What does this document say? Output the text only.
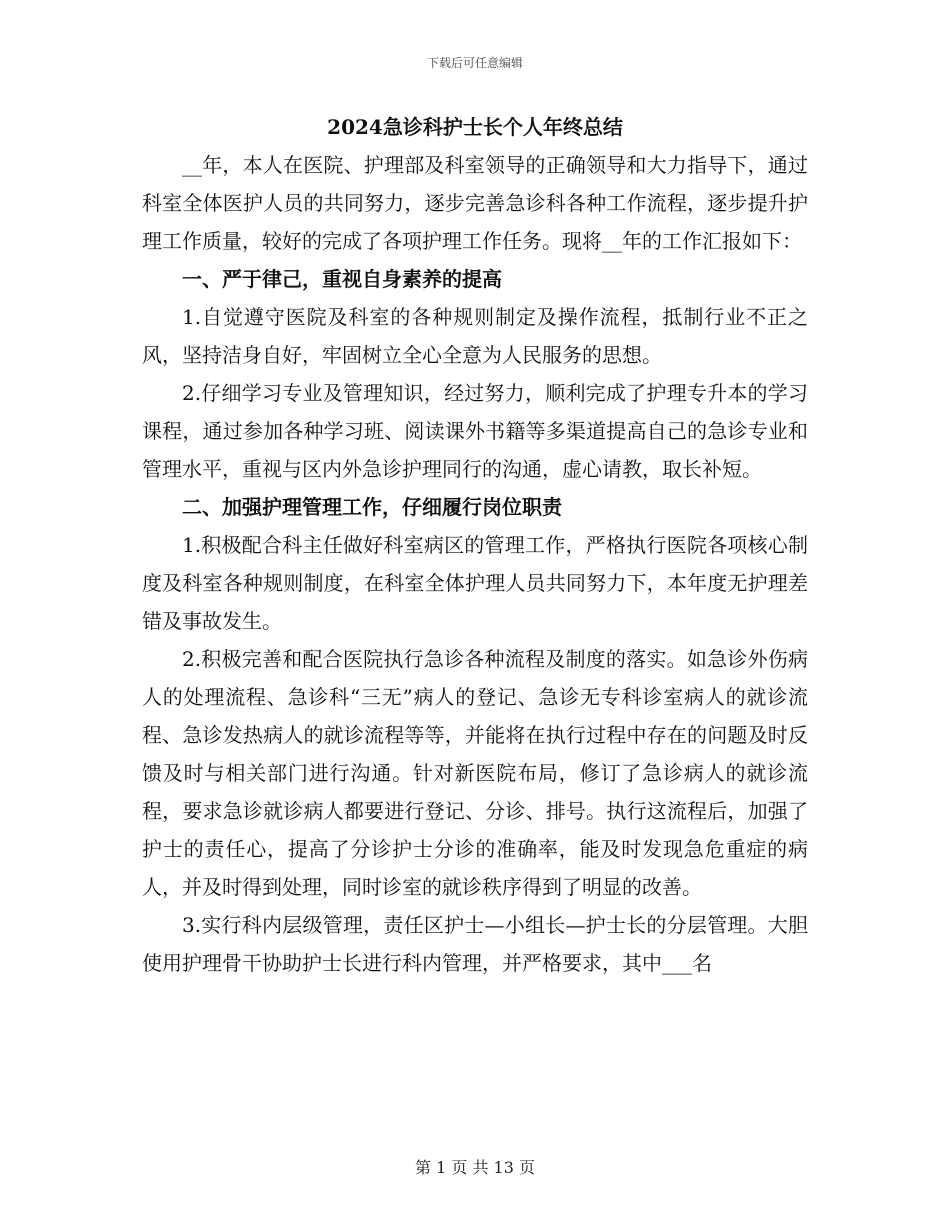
下载后可任意编辑
2024急诊科护士长个人年终总结

__年，本人在医院、护理部及科室领导的正确领导和大力指导下，通过科室全体医护人员的共同努力，逐步完善急诊科各种工作流程，逐步提升护理工作质量，较好的完成了各项护理工作任务。现将__年的工作汇报如下：

一、严于律己，重视自身素养的提高

1.自觉遵守医院及科室的各种规则制定及操作流程，抵制行业不正之风，坚持洁身自好，牢固树立全心全意为人民服务的思想。

2.仔细学习专业及管理知识，经过努力，顺利完成了护理专升本的学习课程，通过参加各种学习班、阅读课外书籍等多渠道提高自己的急诊专业和管理水平，重视与区内外急诊护理同行的沟通，虚心请教，取长补短。

二、加强护理管理工作，仔细履行岗位职责

1.积极配合科主任做好科室病区的管理工作，严格执行医院各项核心制度及科室各种规则制度，在科室全体护理人员共同努力下，本年度无护理差错及事故发生。

2.积极完善和配合医院执行急诊各种流程及制度的落实。如急诊外伤病人的处理流程、急诊科“三无”病人的登记、急诊无专科诊室病人的就诊流程、急诊发热病人的就诊流程等等，并能将在执行过程中存在的问题及时反馈及时与相关部门进行沟通。针对新医院布局，修订了急诊病人的就诊流程，要求急诊就诊病人都要进行登记、分诊、排号。执行这流程后，加强了护士的责任心，提高了分诊护士分诊的准确率，能及时发现急危重症的病人，并及时得到处理，同时诊室的就诊秩序得到了明显的改善。

3.实行科内层级管理，责任区护士—小组长—护士长的分层管理。大胆使用护理骨干协助护士长进行科内管理，并严格要求，其中___名

第 1 页 共 13 页
